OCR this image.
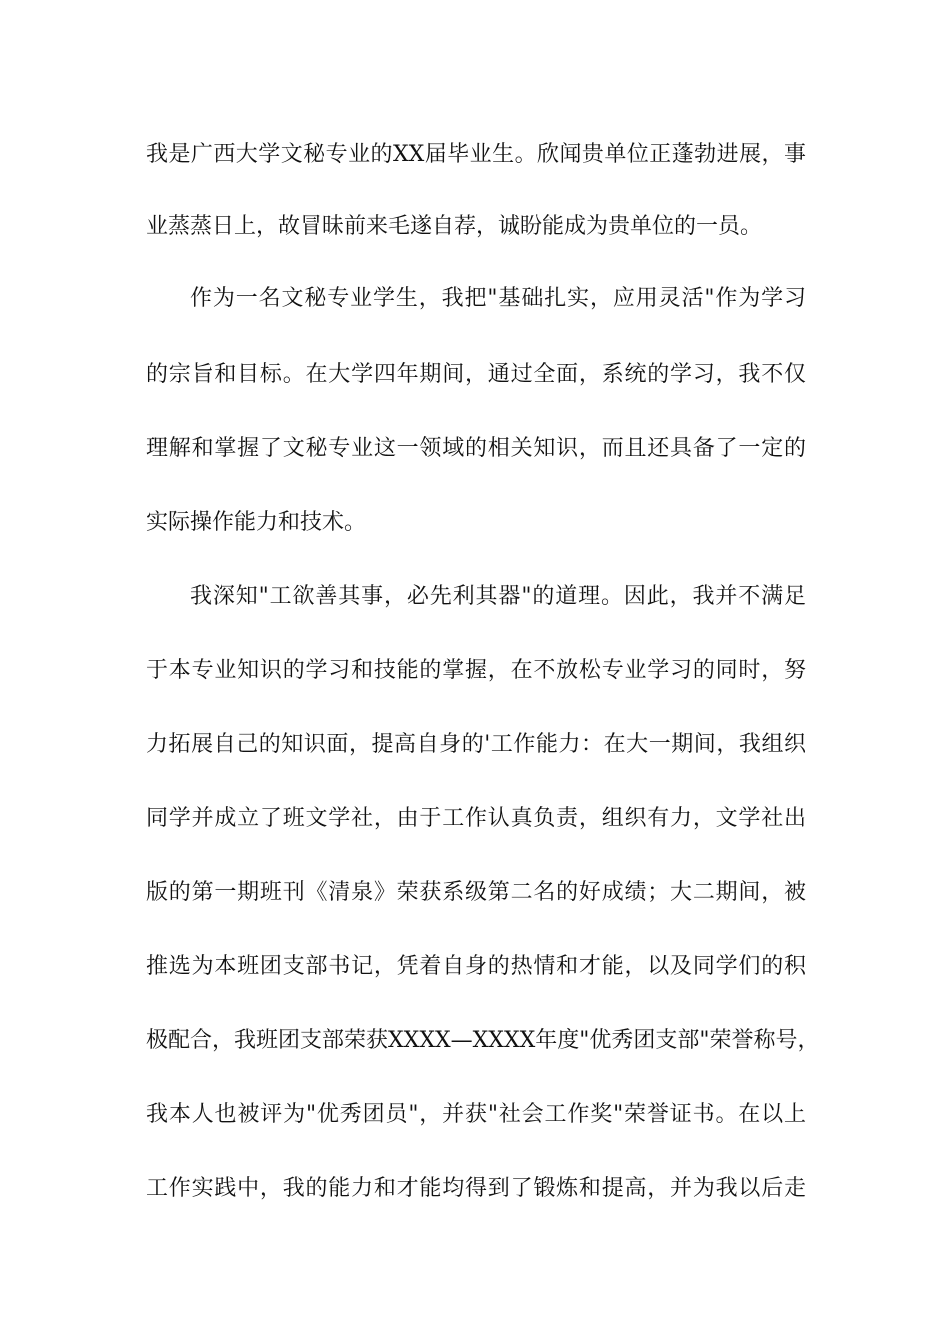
我是广西大学文秘专业的XX届毕业生。欣闻贵单位正蓬勃进展，事
业蒸蒸日上，故冒昧前来毛遂自荐，诚盼能成为贵单位的一员。
作为一名文秘专业学生，我把"基础扎实，应用灵活"作为学习
的宗旨和目标。在大学四年期间，通过全面，系统的学习，我不仅
理解和掌握了文秘专业这一领域的相关知识，而且还具备了一定的
实际操作能力和技术。
我深知"工欲善其事，必先利其器"的道理。因此，我并不满足
于本专业知识的学习和技能的掌握，在不放松专业学习的同时，努
力拓展自己的知识面，提高自身的'工作能力：在大一期间，我组织
同学并成立了班文学社，由于工作认真负责，组织有力，文学社出
版的第一期班刊《清泉》荣获系级第二名的好成绩；大二期间，被
推选为本班团支部书记，凭着自身的热情和才能，以及同学们的积
极配合，我班团支部荣获XXXX—XXXX年度"优秀团支部"荣誉称号，
我本人也被评为"优秀团员"，并获"社会工作奖"荣誉证书。在以上
工作实践中，我的能力和才能均得到了锻炼和提高，并为我以后走
